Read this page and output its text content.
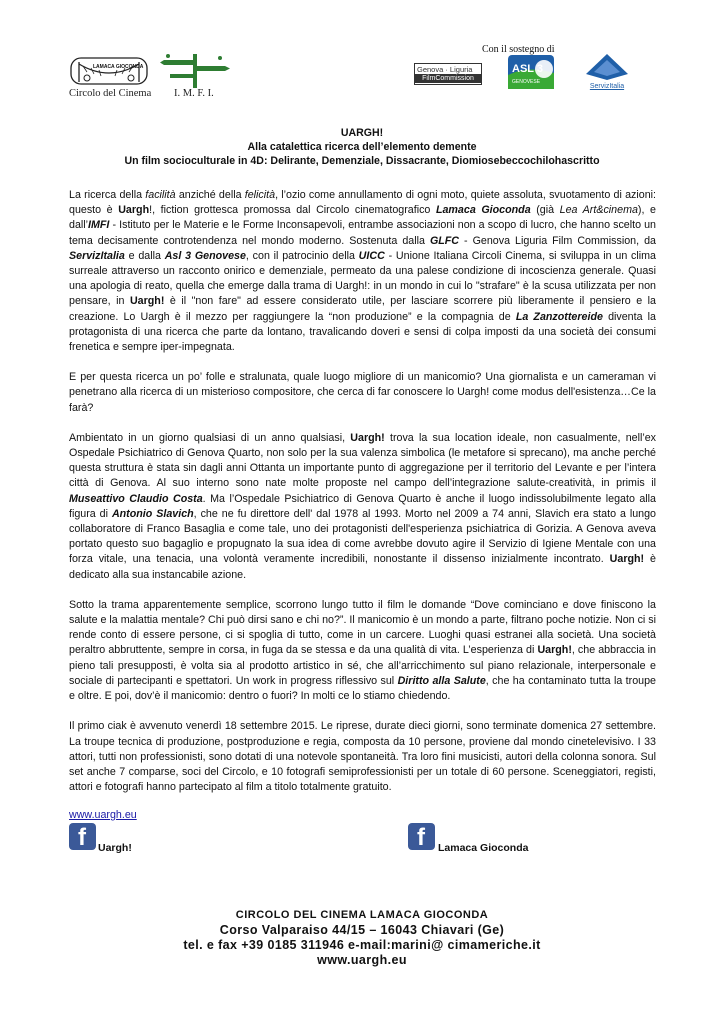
LAMACA GIOCONDA
Circolo del Cinema I. M. F. I.
Con il sostegno di
Genova · Liguria
FilmCommission
ASL 3
GENOVESE
ServizItalia
UARGH!
Alla catalettica ricerca dell’elemento demente
Un film socioculturale in 4D: Delirante, Demenziale, Dissacrante, Diomiosebeccochilohascritto

La ricerca della facilità anziché della felicità, l’ozio come annullamento di ogni moto, quiete assoluta, svuotamento di azioni: questo è Uargh!, fiction grottesca promossa dal Circolo cinematografico Lamaca Gioconda (già Lea Art&cinema), e dall’IMFI - Istituto per le Materie e le Forme Inconsapevoli, entrambe associazioni non a scopo di lucro, che hanno scelto un tema decisamente controtendenza nel mondo moderno. Sostenuta dalla GLFC - Genova Liguria Film Commission, da ServizItalia e dalla Asl 3 Genovese, con il patrocinio della UICC - Unione Italiana Circoli Cinema, si sviluppa in un clima surreale attraverso un racconto onirico e demenziale, permeato da una palese condizione di incoscienza generale. Quasi una apologia di reato, quella che emerge dalla trama di Uargh!: in un mondo in cui lo "strafare" è la scusa utilizzata per non pensare, in Uargh! è il "non fare" ad essere considerato utile, per lasciare scorrere più liberamente il pensiero e la creazione. Lo Uargh è il mezzo per raggiungere la “non produzione” e la compagnia de La Zanzottereide diventa la protagonista di una ricerca che parte da lontano, travalicando doveri e sensi di colpa imposti da una società dei consumi frenetica e sempre iper-impegnata.

E per questa ricerca un po’ folle e stralunata, quale luogo migliore di un manicomio? Una giornalista e un cameraman vi penetrano alla ricerca di un misterioso compositore, che cerca di far conoscere lo Uargh! come modus dell'esistenza…Ce la farà?

Ambientato in un giorno qualsiasi di un anno qualsiasi, Uargh! trova la sua location ideale, non casualmente, nell’ex Ospedale Psichiatrico di Genova Quarto, non solo per la sua valenza simbolica (le metafore si sprecano), ma anche perché questa struttura è stata sin dagli anni Ottanta un importante punto di aggregazione per il territorio del Levante e per l’intera città di Genova. Al suo interno sono nate molte proposte nel campo dell’integrazione salute-creatività, in primis il Museattivo Claudio Costa. Ma l’Ospedale Psichiatrico di Genova Quarto è anche il luogo indissolubilmente legato alla figura di Antonio Slavich, che ne fu direttore dell' dal 1978 al 1993. Morto nel 2009 a 74 anni, Slavich era stato a lungo collaboratore di Franco Basaglia e come tale, uno dei protagonisti dell'esperienza psichiatrica di Gorizia. A Genova aveva portato questo suo bagaglio e propugnato la sua idea di come avrebbe dovuto agire il Servizio di Igiene Mentale con una forza vitale, una tenacia, una volontà veramente incredibili, nonostante il dissenso inizialmente incontrato. Uargh! è dedicato alla sua instancabile azione.

Sotto la trama apparentemente semplice, scorrono lungo tutto il film le domande “Dove cominciano e dove finiscono la salute e la malattia mentale? Chi può dirsi sano e chi no?”. Il manicomio è un mondo a parte, filtrano poche notizie. Non ci si rende conto di essere persone, ci si spoglia di tutto, come in un carcere. Luoghi quasi estranei alla società. Una società peraltro abbruttente, sempre in corsa, in fuga da se stessa e da una qualità di vita. L’esperienza di Uargh!, che abbraccia in pieno tali presupposti, è volta sia al prodotto artistico in sé, che all’arricchimento sul piano relazionale, interpersonale e sociale di partecipanti e spettatori. Un work in progress riflessivo sul Diritto alla Salute, che ha contaminato tutta la troupe e oltre. E poi, dov’è il manicomio: dentro o fuori? In molti ce lo stiamo chiedendo.

Il primo ciak è avvenuto venerdì 18 settembre 2015. Le riprese, durate dieci giorni, sono terminate domenica 27 settembre. La troupe tecnica di produzione, postproduzione e regia, composta da 10 persone, proviene dal mondo cinetelevisivo. I 33 attori, tutti non professionisti, sono dotati di una notevole spontaneità. Tra loro fini musicisti, autori della colonna sonora. Sul set anche 7 comparse, soci del Circolo, e 10 fotografi semiprofessionisti per un totale di 60 persone. Sceneggiatori, registi, attori e fotografi hanno partecipato al film a titolo totalmente gratuito.

www.uargh.eu
f Uargh!	f Lamaca Gioconda
CIRCOLO DEL CINEMA LAMACA GIOCONDA
Corso Valparaiso 44/15 – 16043 Chiavari (Ge)
tel. e fax +39 0185 311946 e-mail:marini@ cimameriche.it
www.uargh.eu
